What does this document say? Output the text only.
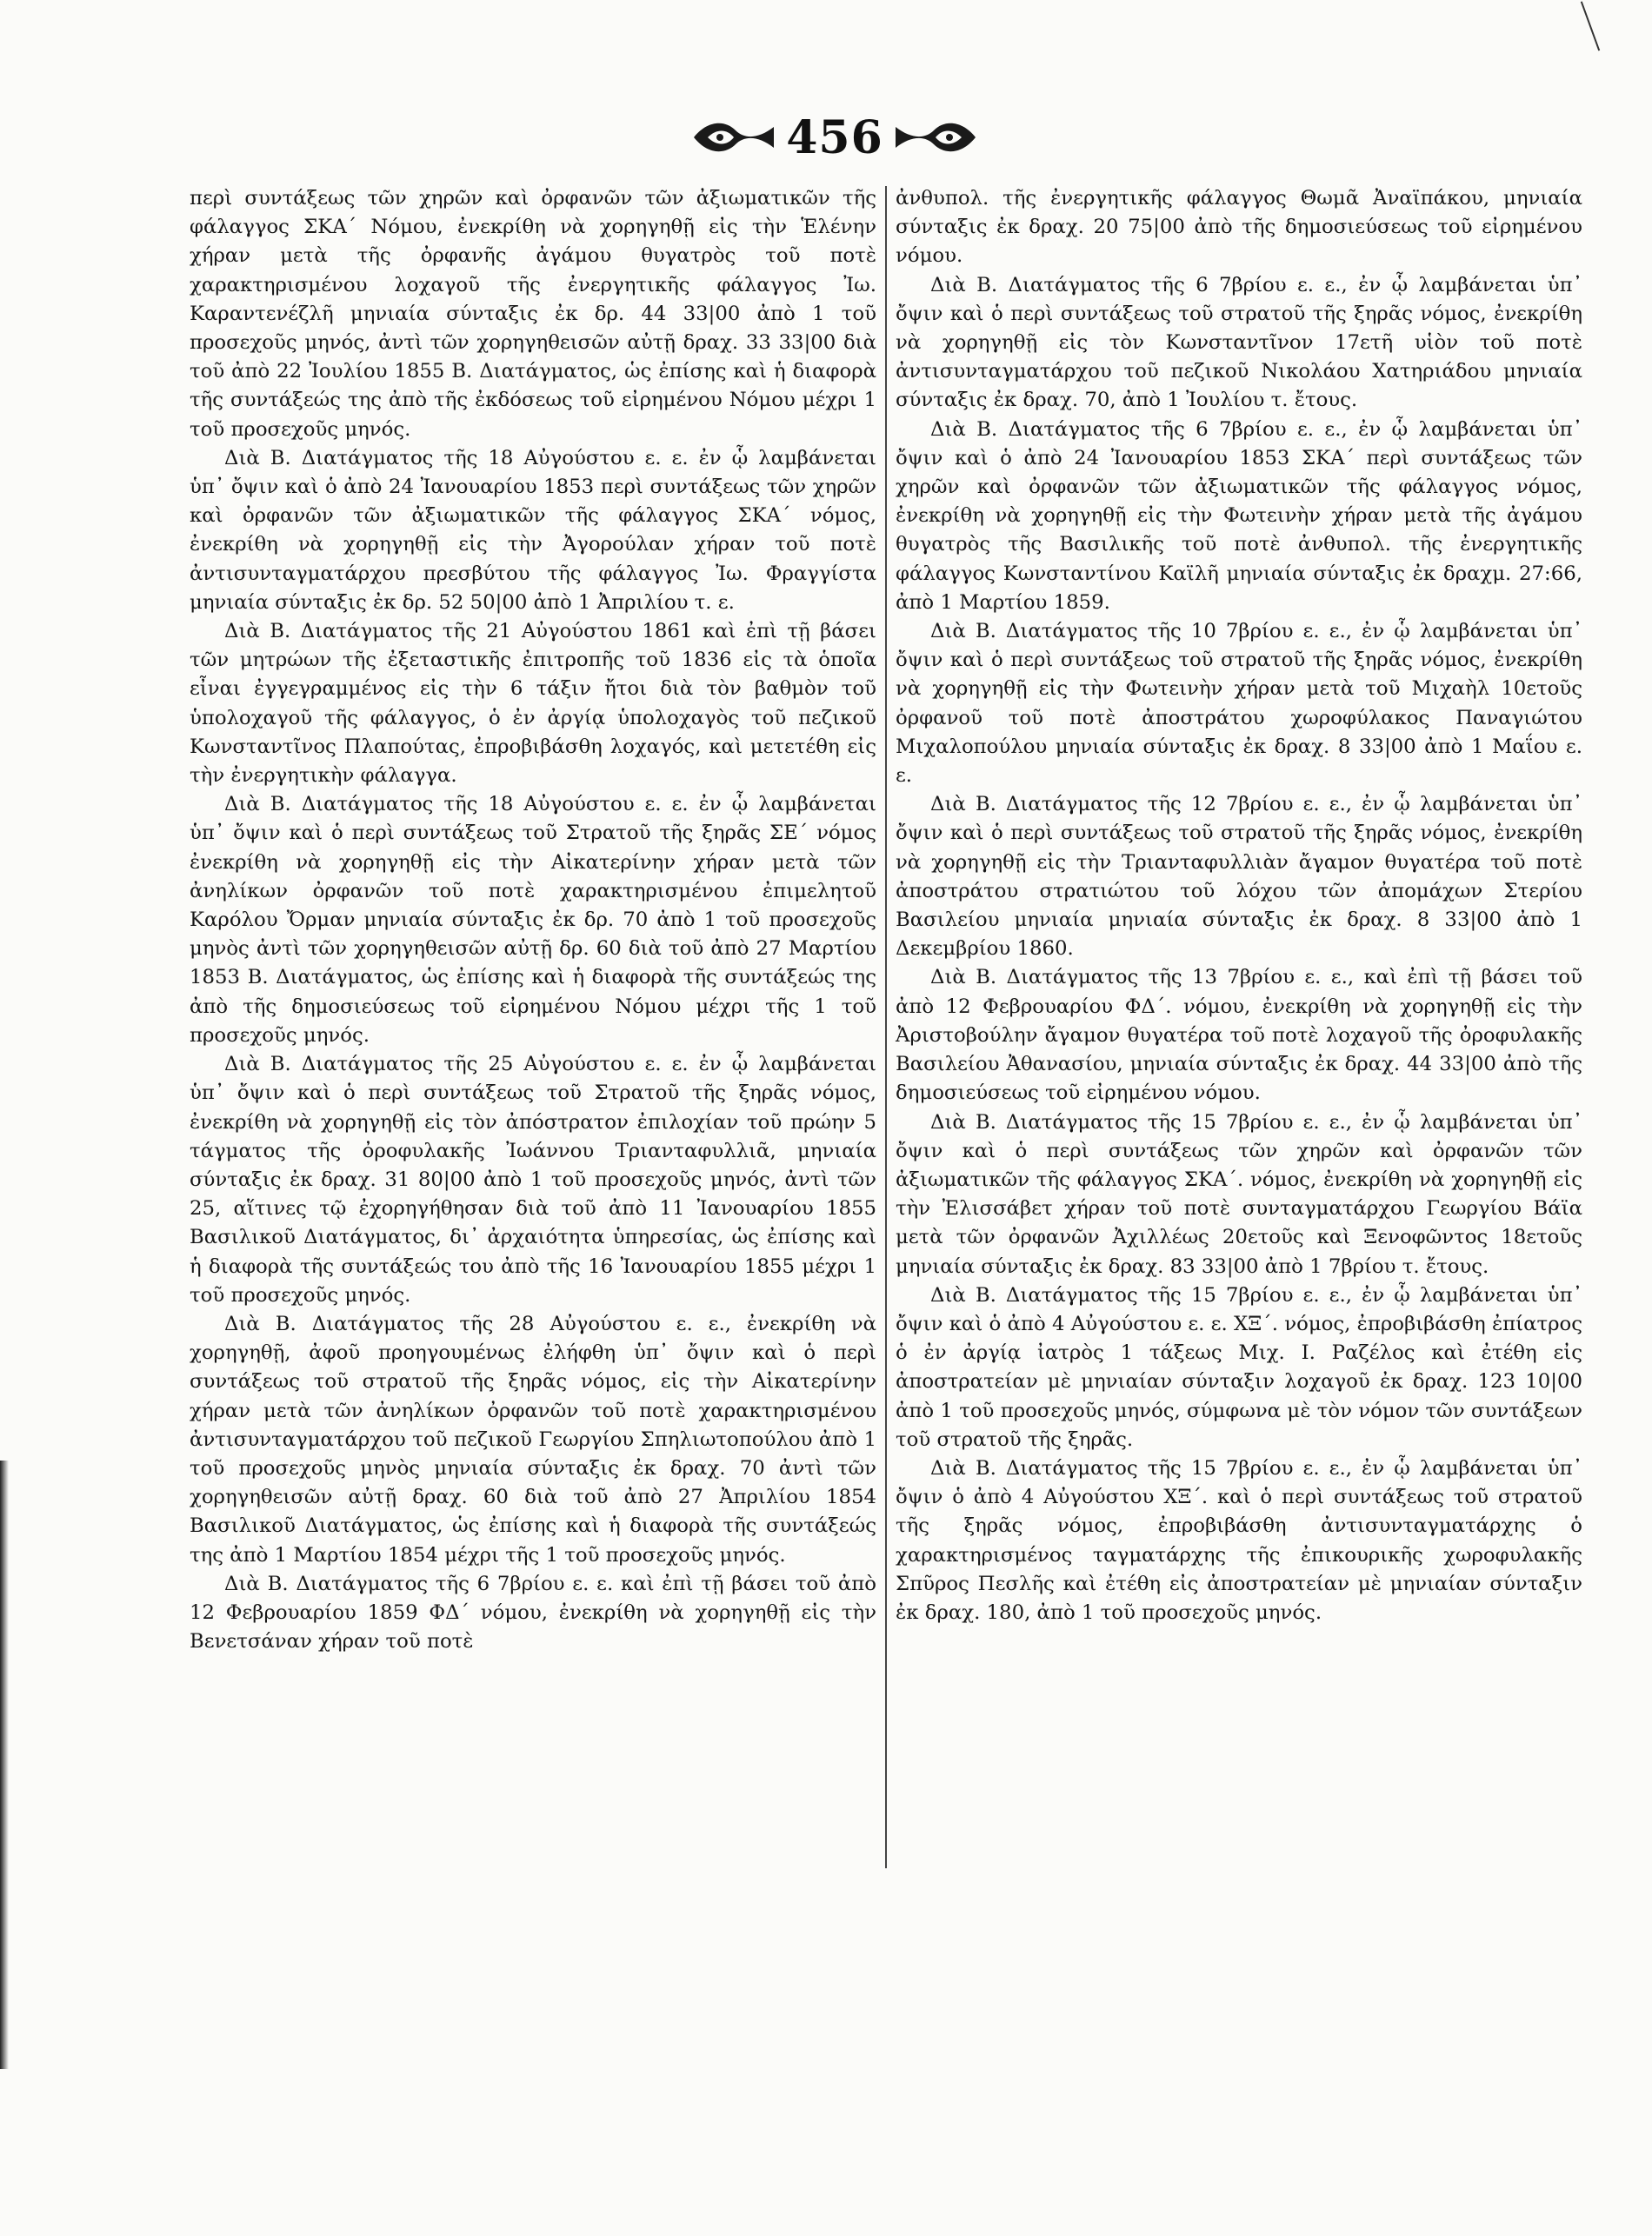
456

περὶ συντάξεως τῶν χηρῶν καὶ ὀρφανῶν τῶν ἀξιωματικῶν τῆς φάλαγγος ΣΚΑ΄ Νόμου, ἐνεκρίθη νὰ χορηγηθῇ εἰς τὴν Ἑλένην χήραν μετὰ τῆς ὀρφανῆς ἀγάμου θυγατρὸς τοῦ ποτὲ χαρακτηρισμένου λοχαγοῦ τῆς ἐνεργητικῆς φάλαγγος Ἰω. Καραντενέζλῆ μηνιαία σύνταξις ἐκ δρ. 44 33|00 ἀπὸ 1 τοῦ προσεχοῦς μηνός, ἀντὶ τῶν χορηγηθεισῶν αὐτῇ δραχ. 33 33|00 διὰ τοῦ ἀπὸ 22 Ἰουλίου 1855 Β. Διατάγματος, ὡς ἐπίσης καὶ ἡ διαφορὰ τῆς συντάξεώς της ἀπὸ τῆς ἐκδόσεως τοῦ εἰρημένου Νόμου μέχρι 1 τοῦ προσεχοῦς μηνός.

Διὰ Β. Διατάγματος τῆς 18 Αὐγούστου ε. ε. ἐν ᾧ λαμβάνεται ὑπ᾽ ὄψιν καὶ ὁ ἀπὸ 24 Ἰανουαρίου 1853 περὶ συντάξεως τῶν χηρῶν καὶ ὀρφανῶν τῶν ἀξιωματικῶν τῆς φάλαγγος ΣΚΑ΄ νόμος, ἐνεκρίθη νὰ χορηγηθῇ εἰς τὴν Ἀγορούλαν χήραν τοῦ ποτὲ ἀντισυνταγματάρχου πρεσβύτου τῆς φάλαγγος Ἰω. Φραγγίστα μηνιαία σύνταξις ἐκ δρ. 52 50|00 ἀπὸ 1 Ἀπριλίου τ. ε.

Διὰ Β. Διατάγματος τῆς 21 Αὐγούστου 1861 καὶ ἐπὶ τῇ βάσει τῶν μητρώων τῆς ἐξεταστικῆς ἐπιτροπῆς τοῦ 1836 εἰς τὰ ὁποῖα εἶναι ἐγγεγραμμένος εἰς τὴν 6 τάξιν ἤτοι διὰ τὸν βαθμὸν τοῦ ὑπολοχαγοῦ τῆς φάλαγγος, ὁ ἐν ἀργίᾳ ὑπολοχαγὸς τοῦ πεζικοῦ Κωνσταντῖνος Πλαπούτας, ἐπροβιβάσθη λοχαγός, καὶ μετετέθη εἰς τὴν ἐνεργητικὴν φάλαγγα.

Διὰ Β. Διατάγματος τῆς 18 Αὐγούστου ε. ε. ἐν ᾧ λαμβάνεται ὑπ᾽ ὄψιν καὶ ὁ περὶ συντάξεως τοῦ Στρατοῦ τῆς ξηρᾶς ΣΕ΄ νόμος ἐνεκρίθη νὰ χορηγηθῇ εἰς τὴν Αἰκατερίνην χήραν μετὰ τῶν ἀνηλίκων ὀρφανῶν τοῦ ποτὲ χαρακτηρισμένου ἐπιμελητοῦ Καρόλου Ὄρμαν μηνιαία σύνταξις ἐκ δρ. 70 ἀπὸ 1 τοῦ προσεχοῦς μηνὸς ἀντὶ τῶν χορηγηθεισῶν αὐτῇ δρ. 60 διὰ τοῦ ἀπὸ 27 Μαρτίου 1853 Β. Διατάγματος, ὡς ἐπίσης καὶ ἡ διαφορὰ τῆς συντάξεώς της ἀπὸ τῆς δημοσιεύσεως τοῦ εἰρημένου Νόμου μέχρι τῆς 1 τοῦ προσεχοῦς μηνός.

Διὰ Β. Διατάγματος τῆς 25 Αὐγούστου ε. ε. ἐν ᾧ λαμβάνεται ὑπ᾽ ὄψιν καὶ ὁ περὶ συντάξεως τοῦ Στρατοῦ τῆς ξηρᾶς νόμος, ἐνεκρίθη νὰ χορηγηθῇ εἰς τὸν ἀπόστρατον ἐπιλοχίαν τοῦ πρώην 5 τάγματος τῆς ὀροφυλακῆς Ἰωάννου Τριανταφυλλιᾶ, μηνιαία σύνταξις ἐκ δραχ. 31 80|00 ἀπὸ 1 τοῦ προσεχοῦς μηνός, ἀντὶ τῶν 25, αἵτινες τῷ ἐχορηγήθησαν διὰ τοῦ ἀπὸ 11 Ἰανουαρίου 1855 Βασιλικοῦ Διατάγματος, δι᾽ ἀρχαιότητα ὑπηρεσίας, ὡς ἐπίσης καὶ ἡ διαφορὰ τῆς συντάξεώς του ἀπὸ τῆς 16 Ἰανουαρίου 1855 μέχρι 1 τοῦ προσεχοῦς μηνός.

Διὰ Β. Διατάγματος τῆς 28 Αὐγούστου ε. ε., ἐνεκρίθη νὰ χορηγηθῇ, ἀφοῦ προηγουμένως ἐλήφθη ὑπ᾽ ὄψιν καὶ ὁ περὶ συντάξεως τοῦ στρατοῦ τῆς ξηρᾶς νόμος, εἰς τὴν Αἰκατερίνην χήραν μετὰ τῶν ἀνηλίκων ὀρφανῶν τοῦ ποτὲ χαρακτηρισμένου ἀντισυνταγματάρχου τοῦ πεζικοῦ Γεωργίου Σπηλιωτοπούλου ἀπὸ 1 τοῦ προσεχοῦς μηνὸς μηνιαία σύνταξις ἐκ δραχ. 70 ἀντὶ τῶν χορηγηθεισῶν αὐτῇ δραχ. 60 διὰ τοῦ ἀπὸ 27 Ἀπριλίου 1854 Βασιλικοῦ Διατάγματος, ὡς ἐπίσης καὶ ἡ διαφορὰ τῆς συντάξεώς της ἀπὸ 1 Μαρτίου 1854 μέχρι τῆς 1 τοῦ προσεχοῦς μηνός.

Διὰ Β. Διατάγματος τῆς 6 7βρίου ε. ε. καὶ ἐπὶ τῇ βάσει τοῦ ἀπὸ 12 Φεβρουαρίου 1859 ΦΔ΄ νόμου, ἐνεκρίθη νὰ χορηγηθῇ εἰς τὴν Βενετσάναν χήραν τοῦ ποτὲ

ἀνθυπολ. τῆς ἐνεργητικῆς φάλαγγος Θωμᾶ Ἀναϊπάκου, μηνιαία σύνταξις ἐκ δραχ. 20 75|00 ἀπὸ τῆς δημοσιεύσεως τοῦ εἰρημένου νόμου.

Διὰ Β. Διατάγματος τῆς 6 7βρίου ε. ε., ἐν ᾧ λαμβάνεται ὑπ᾽ ὄψιν καὶ ὁ περὶ συντάξεως τοῦ στρατοῦ τῆς ξηρᾶς νόμος, ἐνεκρίθη νὰ χορηγηθῇ εἰς τὸν Κωνσταντῖνον 17ετῆ υἱὸν τοῦ ποτὲ ἀντισυνταγματάρχου τοῦ πεζικοῦ Νικολάου Χατηριάδου μηνιαία σύνταξις ἐκ δραχ. 70, ἀπὸ 1 Ἰουλίου τ. ἔτους.

Διὰ Β. Διατάγματος τῆς 6 7βρίου ε. ε., ἐν ᾧ λαμβάνεται ὑπ᾽ ὄψιν καὶ ὁ ἀπὸ 24 Ἰανουαρίου 1853 ΣΚΑ΄ περὶ συντάξεως τῶν χηρῶν καὶ ὀρφανῶν τῶν ἀξιωματικῶν τῆς φάλαγγος νόμος, ἐνεκρίθη νὰ χορηγηθῇ εἰς τὴν Φωτεινὴν χήραν μετὰ τῆς ἀγάμου θυγατρὸς τῆς Βασιλικῆς τοῦ ποτὲ ἀνθυπολ. τῆς ἐνεργητικῆς φάλαγγος Κωνσταντίνου Καϊλῆ μηνιαία σύνταξις ἐκ δραχμ. 27:66, ἀπὸ 1 Μαρτίου 1859.

Διὰ Β. Διατάγματος τῆς 10 7βρίου ε. ε., ἐν ᾧ λαμβάνεται ὑπ᾽ ὄψιν καὶ ὁ περὶ συντάξεως τοῦ στρατοῦ τῆς ξηρᾶς νόμος, ἐνεκρίθη νὰ χορηγηθῇ εἰς τὴν Φωτεινὴν χήραν μετὰ τοῦ Μιχαὴλ 10ετοῦς ὀρφανοῦ τοῦ ποτὲ ἀποστράτου χωροφύλακος Παναγιώτου Μιχαλοπούλου μηνιαία σύνταξις ἐκ δραχ. 8 33|00 ἀπὸ 1 Μαΐου ε. ε.

Διὰ Β. Διατάγματος τῆς 12 7βρίου ε. ε., ἐν ᾧ λαμβάνεται ὑπ᾽ ὄψιν καὶ ὁ περὶ συντάξεως τοῦ στρατοῦ τῆς ξηρᾶς νόμος, ἐνεκρίθη νὰ χορηγηθῇ εἰς τὴν Τριανταφυλλιὰν ἄγαμον θυγατέρα τοῦ ποτὲ ἀποστράτου στρατιώτου τοῦ λόχου τῶν ἀπομάχων Στερίου Βασιλείου μηνιαία μηνιαία σύνταξις ἐκ δραχ. 8 33|00 ἀπὸ 1 Δεκεμβρίου 1860.

Διὰ Β. Διατάγματος τῆς 13 7βρίου ε. ε., καὶ ἐπὶ τῇ βάσει τοῦ ἀπὸ 12 Φεβρουαρίου ΦΔ΄. νόμου, ἐνεκρίθη νὰ χορηγηθῇ εἰς τὴν Ἀριστοβούλην ἄγαμον θυγατέρα τοῦ ποτὲ λοχαγοῦ τῆς ὀροφυλακῆς Βασιλείου Ἀθανασίου, μηνιαία σύνταξις ἐκ δραχ. 44 33|00 ἀπὸ τῆς δημοσιεύσεως τοῦ εἰρημένου νόμου.

Διὰ Β. Διατάγματος τῆς 15 7βρίου ε. ε., ἐν ᾧ λαμβάνεται ὑπ᾽ ὄψιν καὶ ὁ περὶ συντάξεως τῶν χηρῶν καὶ ὀρφανῶν τῶν ἀξιωματικῶν τῆς φάλαγγος ΣΚΑ΄. νόμος, ἐνεκρίθη νὰ χορηγηθῇ εἰς τὴν Ἐλισσάβετ χήραν τοῦ ποτὲ συνταγματάρχου Γεωργίου Βάϊα μετὰ τῶν ὀρφανῶν Ἀχιλλέως 20ετοῦς καὶ Ξενοφῶντος 18ετοῦς μηνιαία σύνταξις ἐκ δραχ. 83 33|00 ἀπὸ 1 7βρίου τ. ἔτους.

Διὰ Β. Διατάγματος τῆς 15 7βρίου ε. ε., ἐν ᾧ λαμβάνεται ὑπ᾽ ὄψιν καὶ ὁ ἀπὸ 4 Αὐγούστου ε. ε. ΧΞ΄. νόμος, ἐπροβιβάσθη ἐπίατρος ὁ ἐν ἀργίᾳ ἰατρὸς 1 τάξεως Μιχ. Ι. Ραζέλος καὶ ἐτέθη εἰς ἀποστρατείαν μὲ μηνιαίαν σύνταξιν λοχαγοῦ ἐκ δραχ. 123 10|00 ἀπὸ 1 τοῦ προσεχοῦς μηνός, σύμφωνα μὲ τὸν νόμον τῶν συντάξεων τοῦ στρατοῦ τῆς ξηρᾶς.

Διὰ Β. Διατάγματος τῆς 15 7βρίου ε. ε., ἐν ᾧ λαμβάνεται ὑπ᾽ ὄψιν ὁ ἀπὸ 4 Αὐγούστου ΧΞ΄. καὶ ὁ περὶ συντάξεως τοῦ στρατοῦ τῆς ξηρᾶς νόμος, ἐπροβιβάσθη ἀντισυνταγματάρχης ὁ χαρακτηρισμένος ταγματάρχης τῆς ἐπικουρικῆς χωροφυλακῆς Σπῦρος Πεσλῆς καὶ ἐτέθη εἰς ἀποστρατείαν μὲ μηνιαίαν σύνταξιν ἐκ δραχ. 180, ἀπὸ 1 τοῦ προσεχοῦς μηνός.
